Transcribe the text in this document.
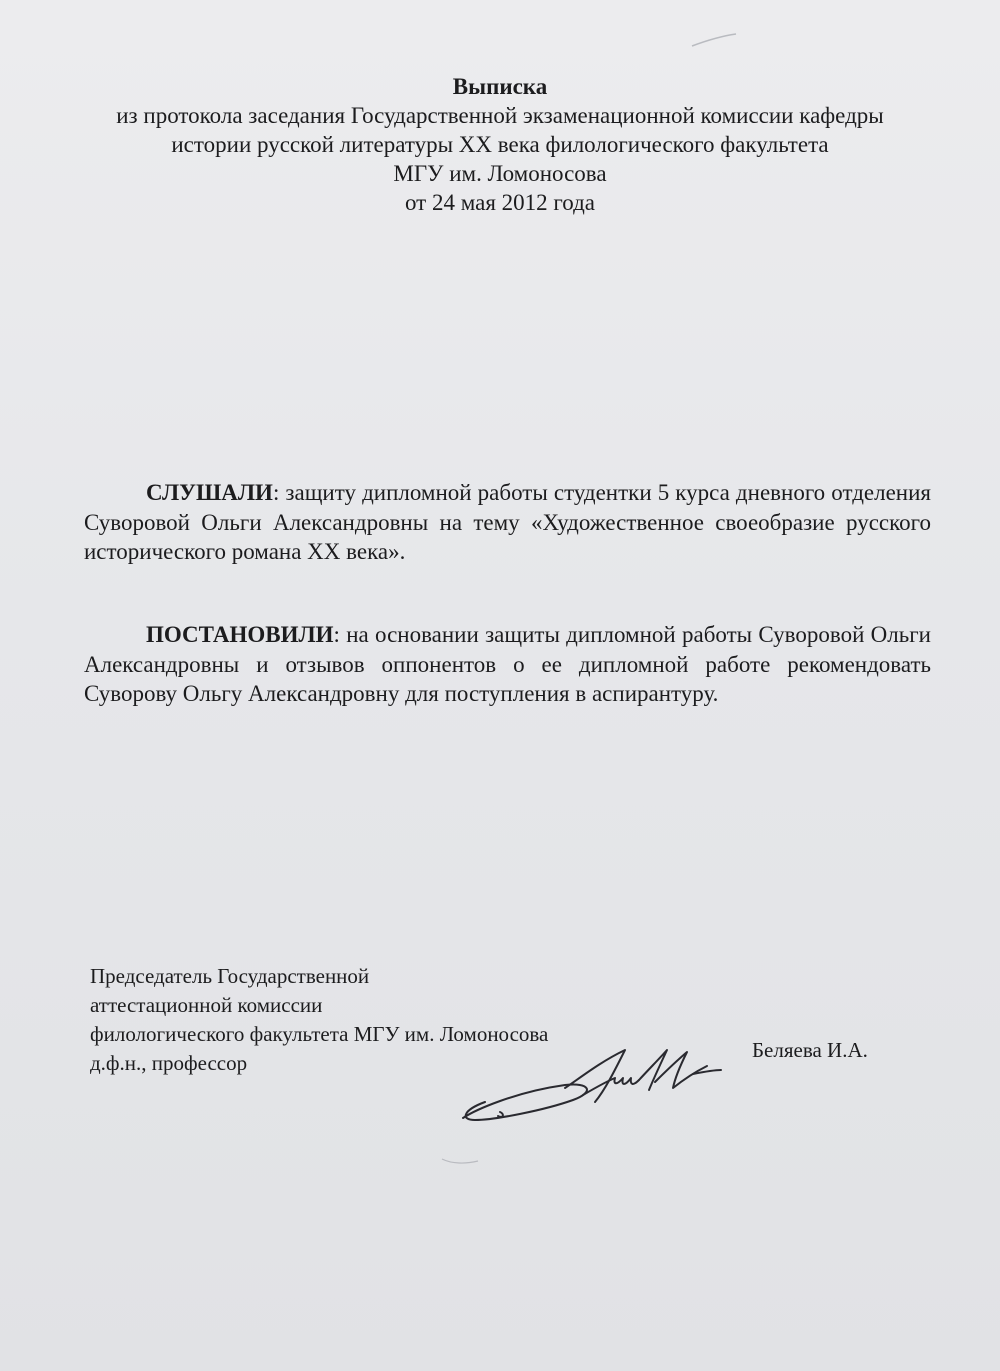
Выписка
из протокола заседания Государственной экзаменационной комиссии кафедры
истории русской литературы XX века филологического факультета
МГУ им. Ломоносова
от 24 мая 2012 года
СЛУШАЛИ: защиту дипломной работы студентки 5 курса дневного отделения Суворовой Ольги Александровны на тему «Художественное своеобразие русского исторического романа XX века».
ПОСТАНОВИЛИ: на основании защиты дипломной работы Суворовой Ольги Александровны и отзывов оппонентов о ее дипломной работе рекомендовать Суворову Ольгу Александровну для поступления в аспирантуру.
Председатель Государственной
аттестационной комиссии
филологического факультета МГУ им. Ломоносова
д.ф.н., профессор
Беляева И.А.
